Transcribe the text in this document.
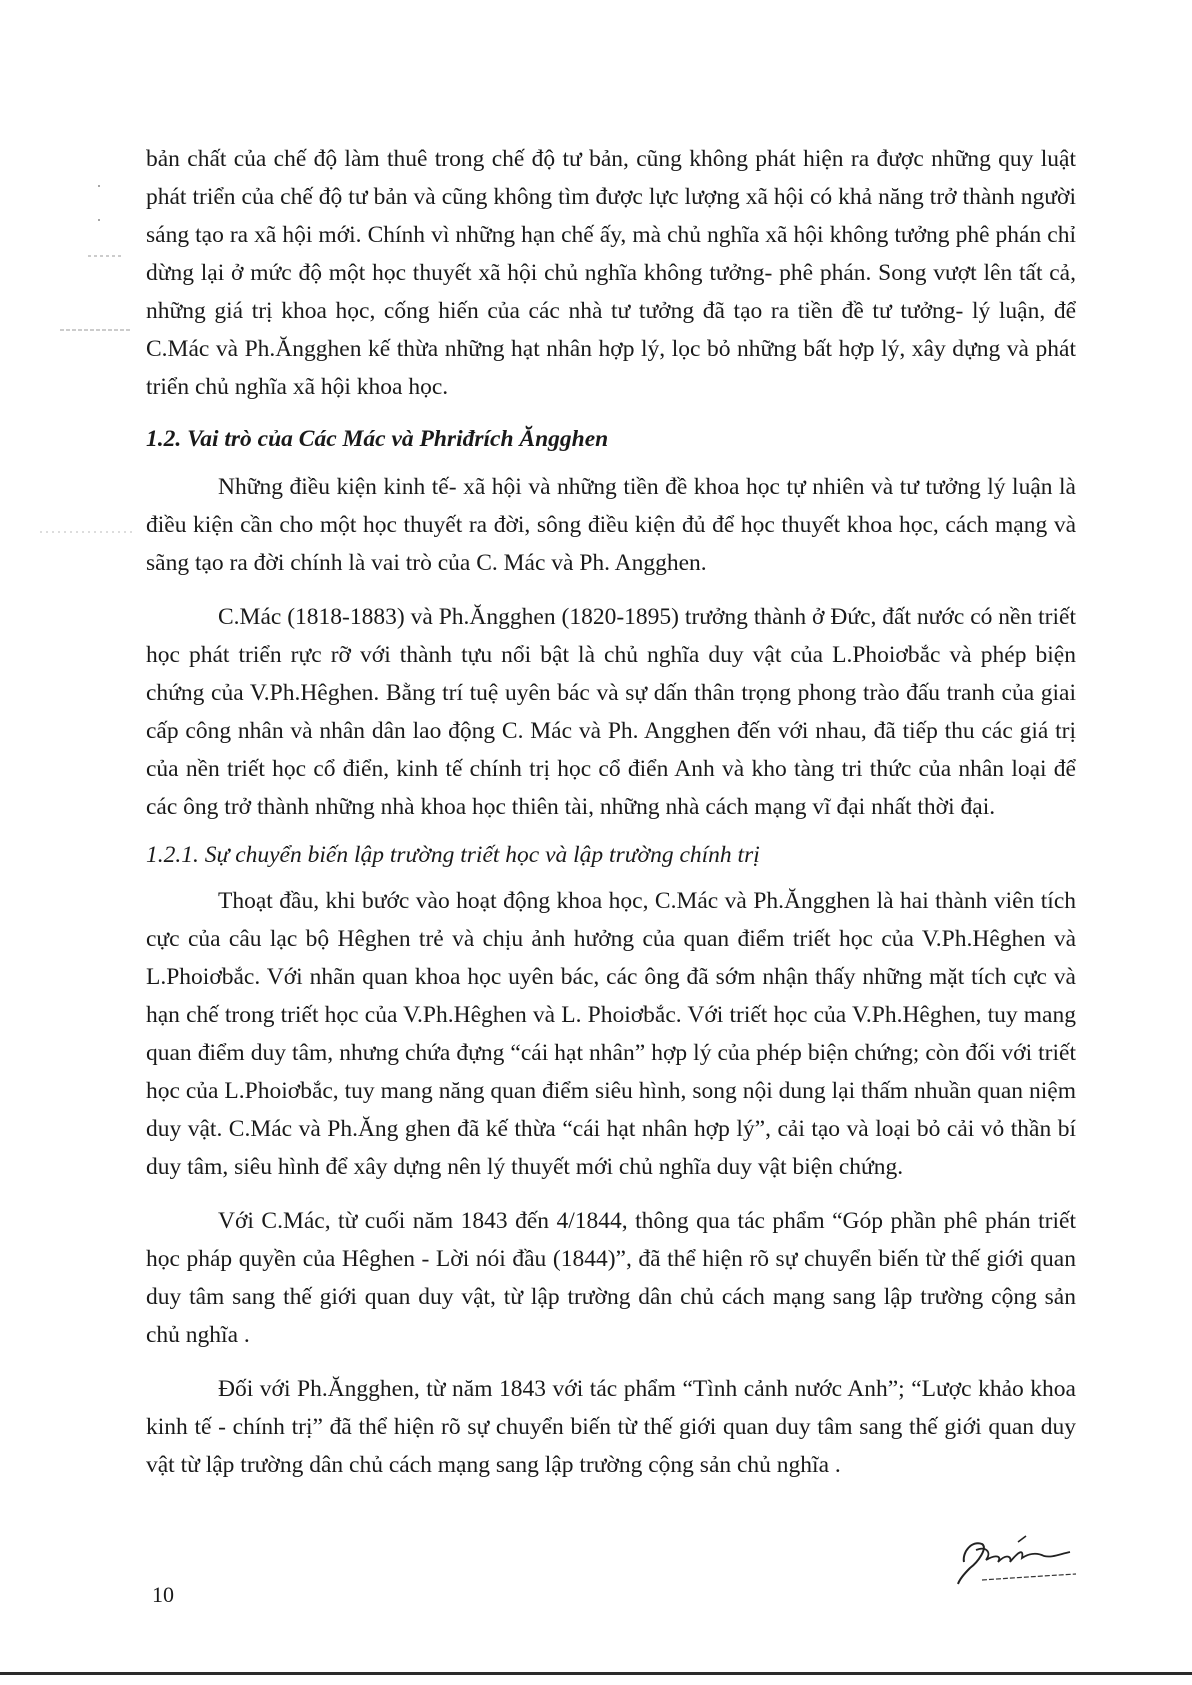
bản chất của chế độ làm thuê trong chế độ tư bản, cũng không phát hiện ra được những quy luật phát triển của chế độ tư bản và cũng không tìm được lực lượng xã hội có khả năng trở thành người sáng tạo ra xã hội mới. Chính vì những hạn chế ấy, mà chủ nghĩa xã hội không tưởng phê phán chỉ dừng lại ở mức độ một học thuyết xã hội chủ nghĩa không tưởng- phê phán. Song vượt lên tất cả, những giá trị khoa học, cống hiến của các nhà tư tưởng đã tạo ra tiền đề tư tưởng- lý luận, để C.Mác và Ph.Ăngghen kế thừa những hạt nhân hợp lý, lọc bỏ những bất hợp lý, xây dựng và phát triển chủ nghĩa xã hội khoa học.

1.2. Vai trò của Các Mác và Phriđrích Ăngghen

Những điều kiện kinh tế- xã hội và những tiền đề khoa học tự nhiên và tư tưởng lý luận là điều kiện cần cho một học thuyết ra đời, sông điều kiện đủ để học thuyết khoa học, cách mạng và sãng tạo ra đời chính là vai trò của C. Mác và Ph. Angghen.

C.Mác (1818-1883) và Ph.Ăngghen (1820-1895) trưởng thành ở Đức, đất nước có nền triết học phát triển rực rỡ với thành tựu nổi bật là chủ nghĩa duy vật của L.Phoiơbắc và phép biện chứng của V.Ph.Hêghen. Bằng trí tuệ uyên bác và sự dấn thân trọng phong trào đấu tranh của giai cấp công nhân và nhân dân lao động C. Mác và Ph. Angghen đến với nhau, đã tiếp thu các giá trị của nền triết học cổ điển, kinh tế chính trị học cổ điển Anh và kho tàng tri thức của nhân loại để các ông trở thành những nhà khoa học thiên tài, những nhà cách mạng vĩ đại nhất thời đại.

1.2.1. Sự chuyển biến lập trường triết học và lập trường chính trị

Thoạt đầu, khi bước vào hoạt động khoa học, C.Mác và Ph.Ăngghen là hai thành viên tích cực của câu lạc bộ Hêghen trẻ và chịu ảnh hưởng của quan điểm triết học của V.Ph.Hêghen và L.Phoiơbắc. Với nhãn quan khoa học uyên bác, các ông đã sớm nhận thấy những mặt tích cực và hạn chế trong triết học của V.Ph.Hêghen và L. Phoiơbắc. Với triết học của V.Ph.Hêghen, tuy mang quan điểm duy tâm, nhưng chứa đựng “cái hạt nhân” hợp lý của phép biện chứng; còn đối với triết học của L.Phoiơbắc, tuy mang năng quan điểm siêu hình, song nội dung lại thấm nhuần quan niệm duy vật. C.Mác và Ph.Ăng ghen đã kế thừa “cái hạt nhân hợp lý”, cải tạo và loại bỏ cải vỏ thần bí duy tâm, siêu hình để xây dựng nên lý thuyết mới chủ nghĩa duy vật biện chứng.

Với C.Mác, từ cuối năm 1843 đến 4/1844, thông qua tác phẩm “Góp phần phê phán triết học pháp quyền của Hêghen - Lời nói đầu (1844)”, đã thể hiện rõ sự chuyển biến từ thế giới quan duy tâm sang thế giới quan duy vật, từ lập trường dân chủ cách mạng sang lập trường cộng sản chủ nghĩa .

Đối với Ph.Ăngghen, từ năm 1843 với tác phẩm “Tình cảnh nước Anh”; “Lược khảo khoa kinh tế - chính trị” đã thể hiện rõ sự chuyển biến từ thế giới quan duy tâm sang thế giới quan duy vật từ lập trường dân chủ cách mạng sang lập trường cộng sản chủ nghĩa .

10
